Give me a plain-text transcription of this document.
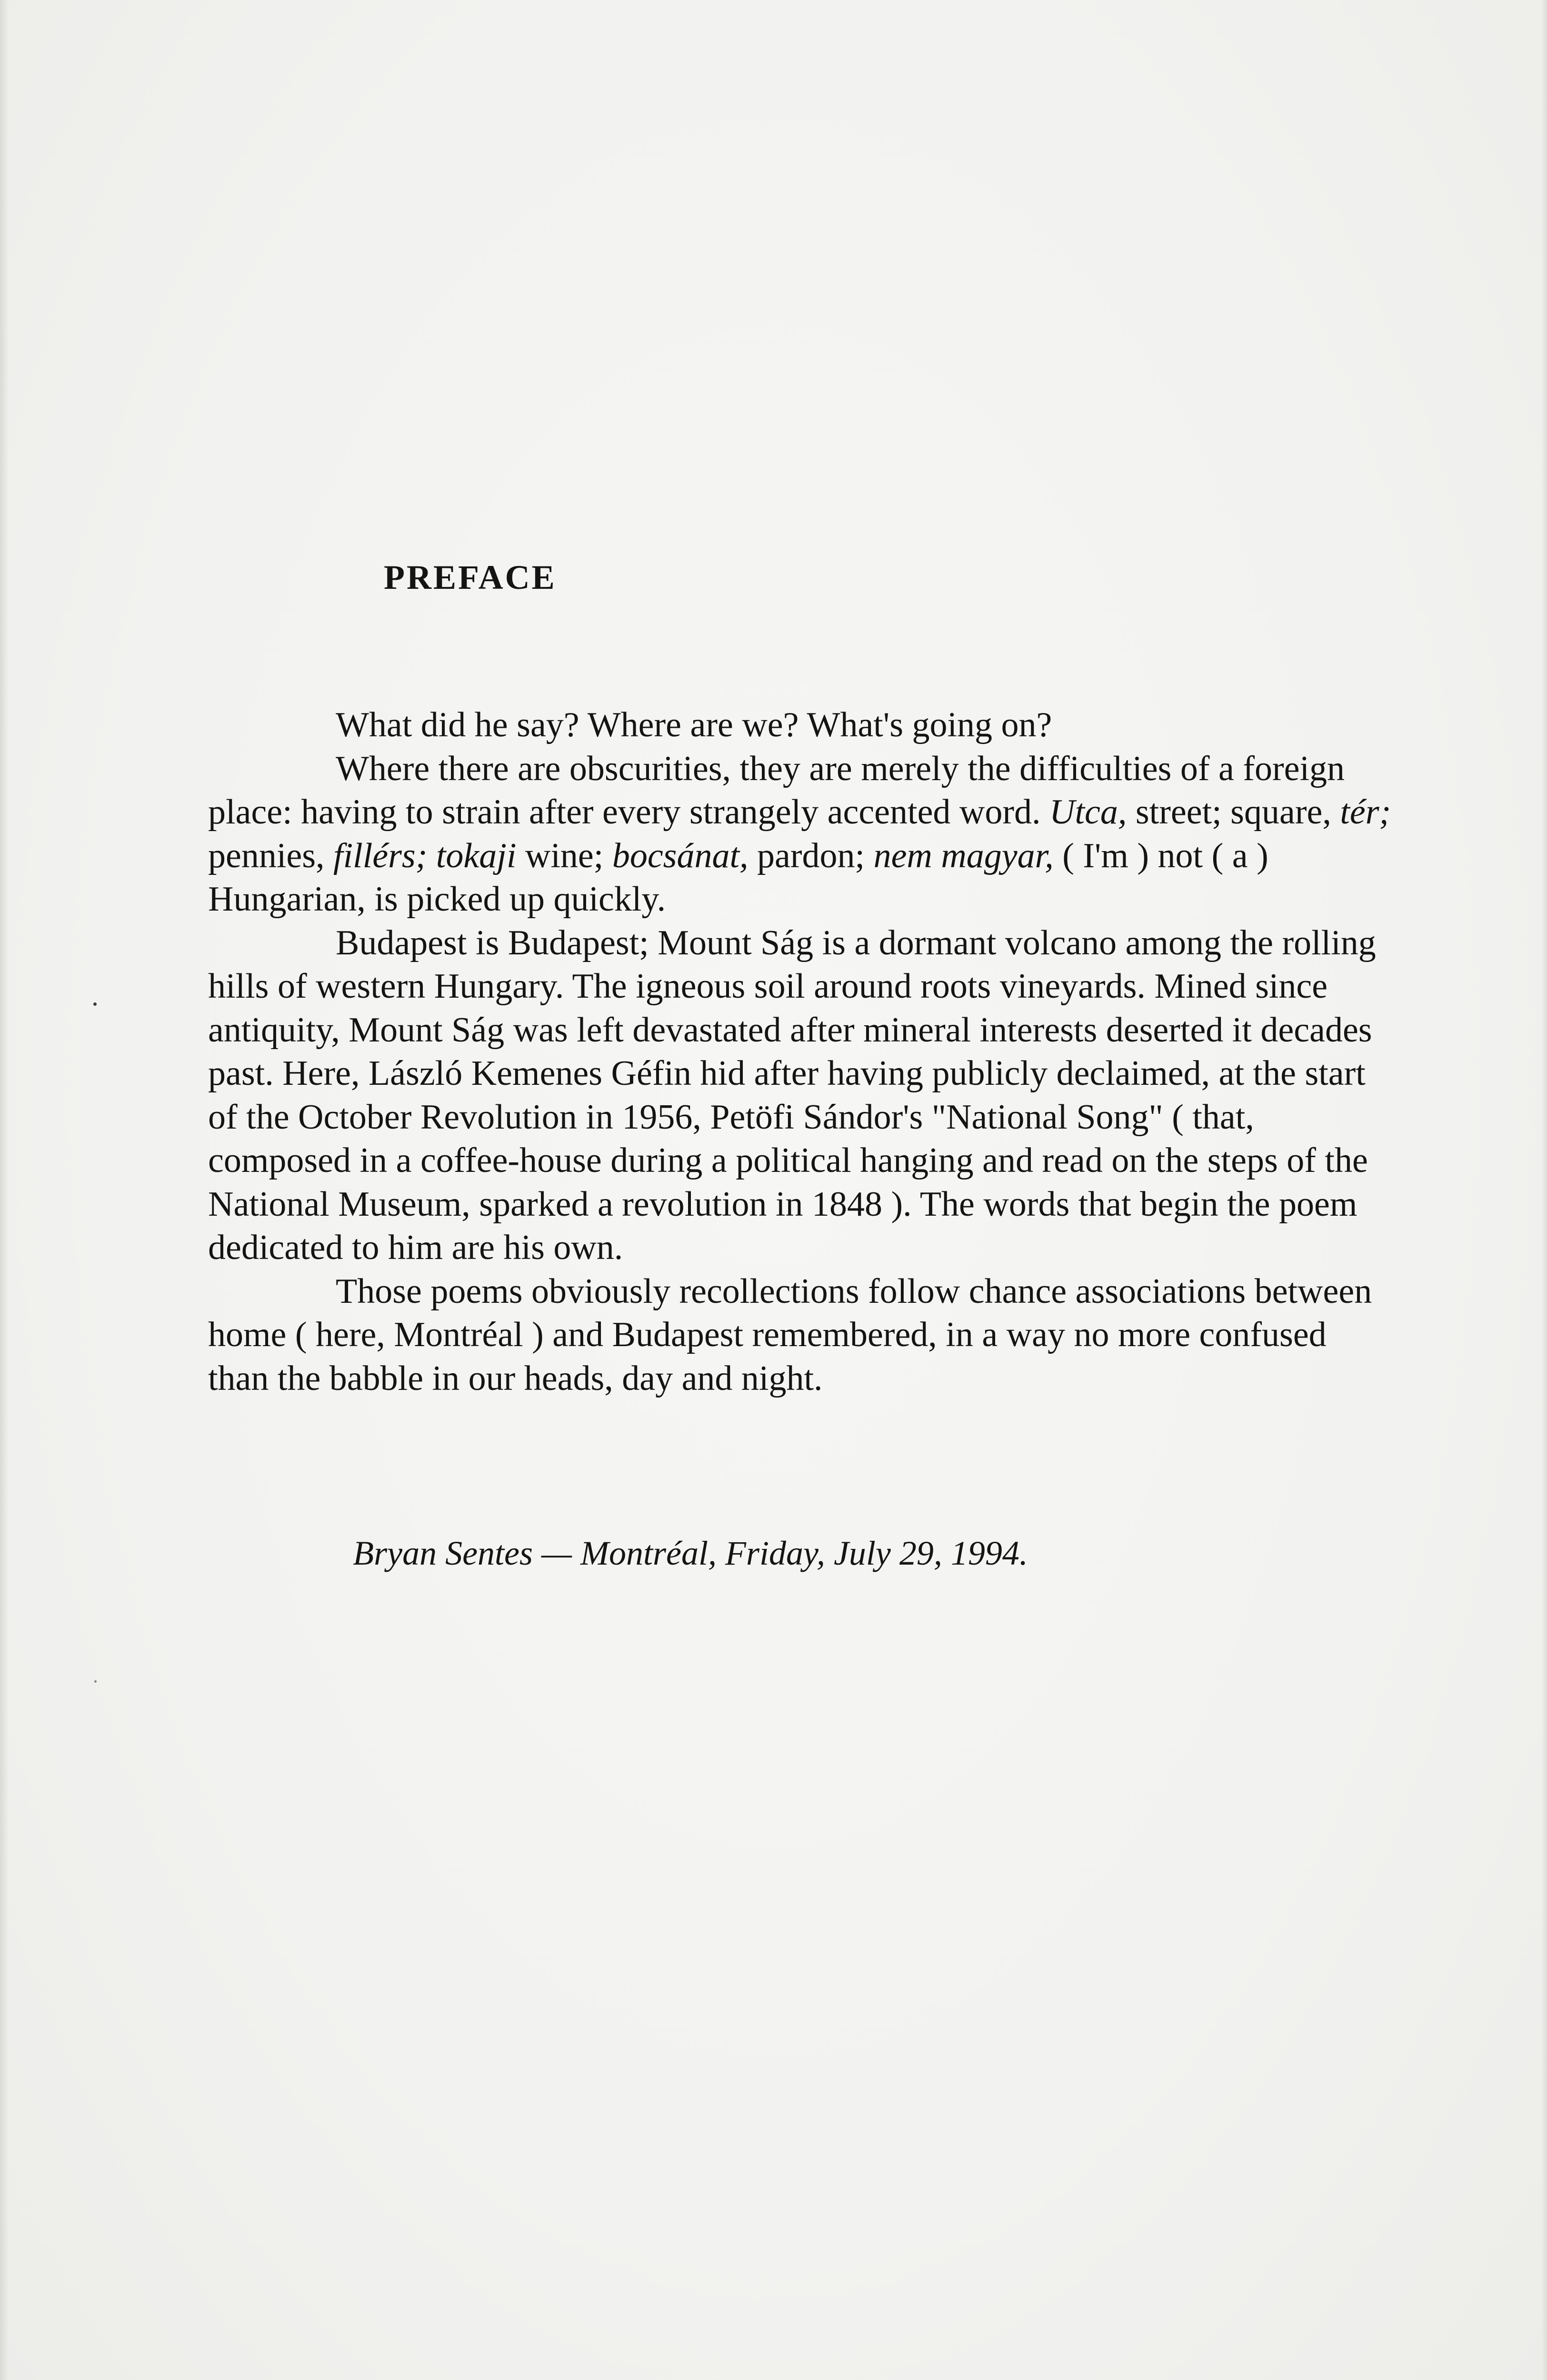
PREFACE

What did he say? Where are we? What's going on?

Where there are obscurities, they are merely the difficulties of a foreign place: having to strain after every strangely accented word. Utca, street; square, tér; pennies, fillérs; tokaji wine; bocsánat, pardon; nem magyar, ( I'm ) not ( a ) Hungarian, is picked up quickly.

Budapest is Budapest; Mount Ság is a dormant volcano among the rolling hills of western Hungary. The igneous soil around roots vineyards. Mined since antiquity, Mount Ság was left devastated after mineral interests deserted it decades past. Here, László Kemenes Géfin hid after having publicly declaimed, at the start of the October Revolution in 1956, Petöfi Sándor's "National Song" ( that, composed in a coffee-house during a political hanging and read on the steps of the National Museum, sparked a revolution in 1848 ). The words that begin the poem dedicated to him are his own.

Those poems obviously recollections follow chance associations between home ( here, Montréal ) and Budapest remembered, in a way no more confused than the babble in our heads, day and night.

Bryan Sentes — Montréal, Friday, July 29, 1994.
